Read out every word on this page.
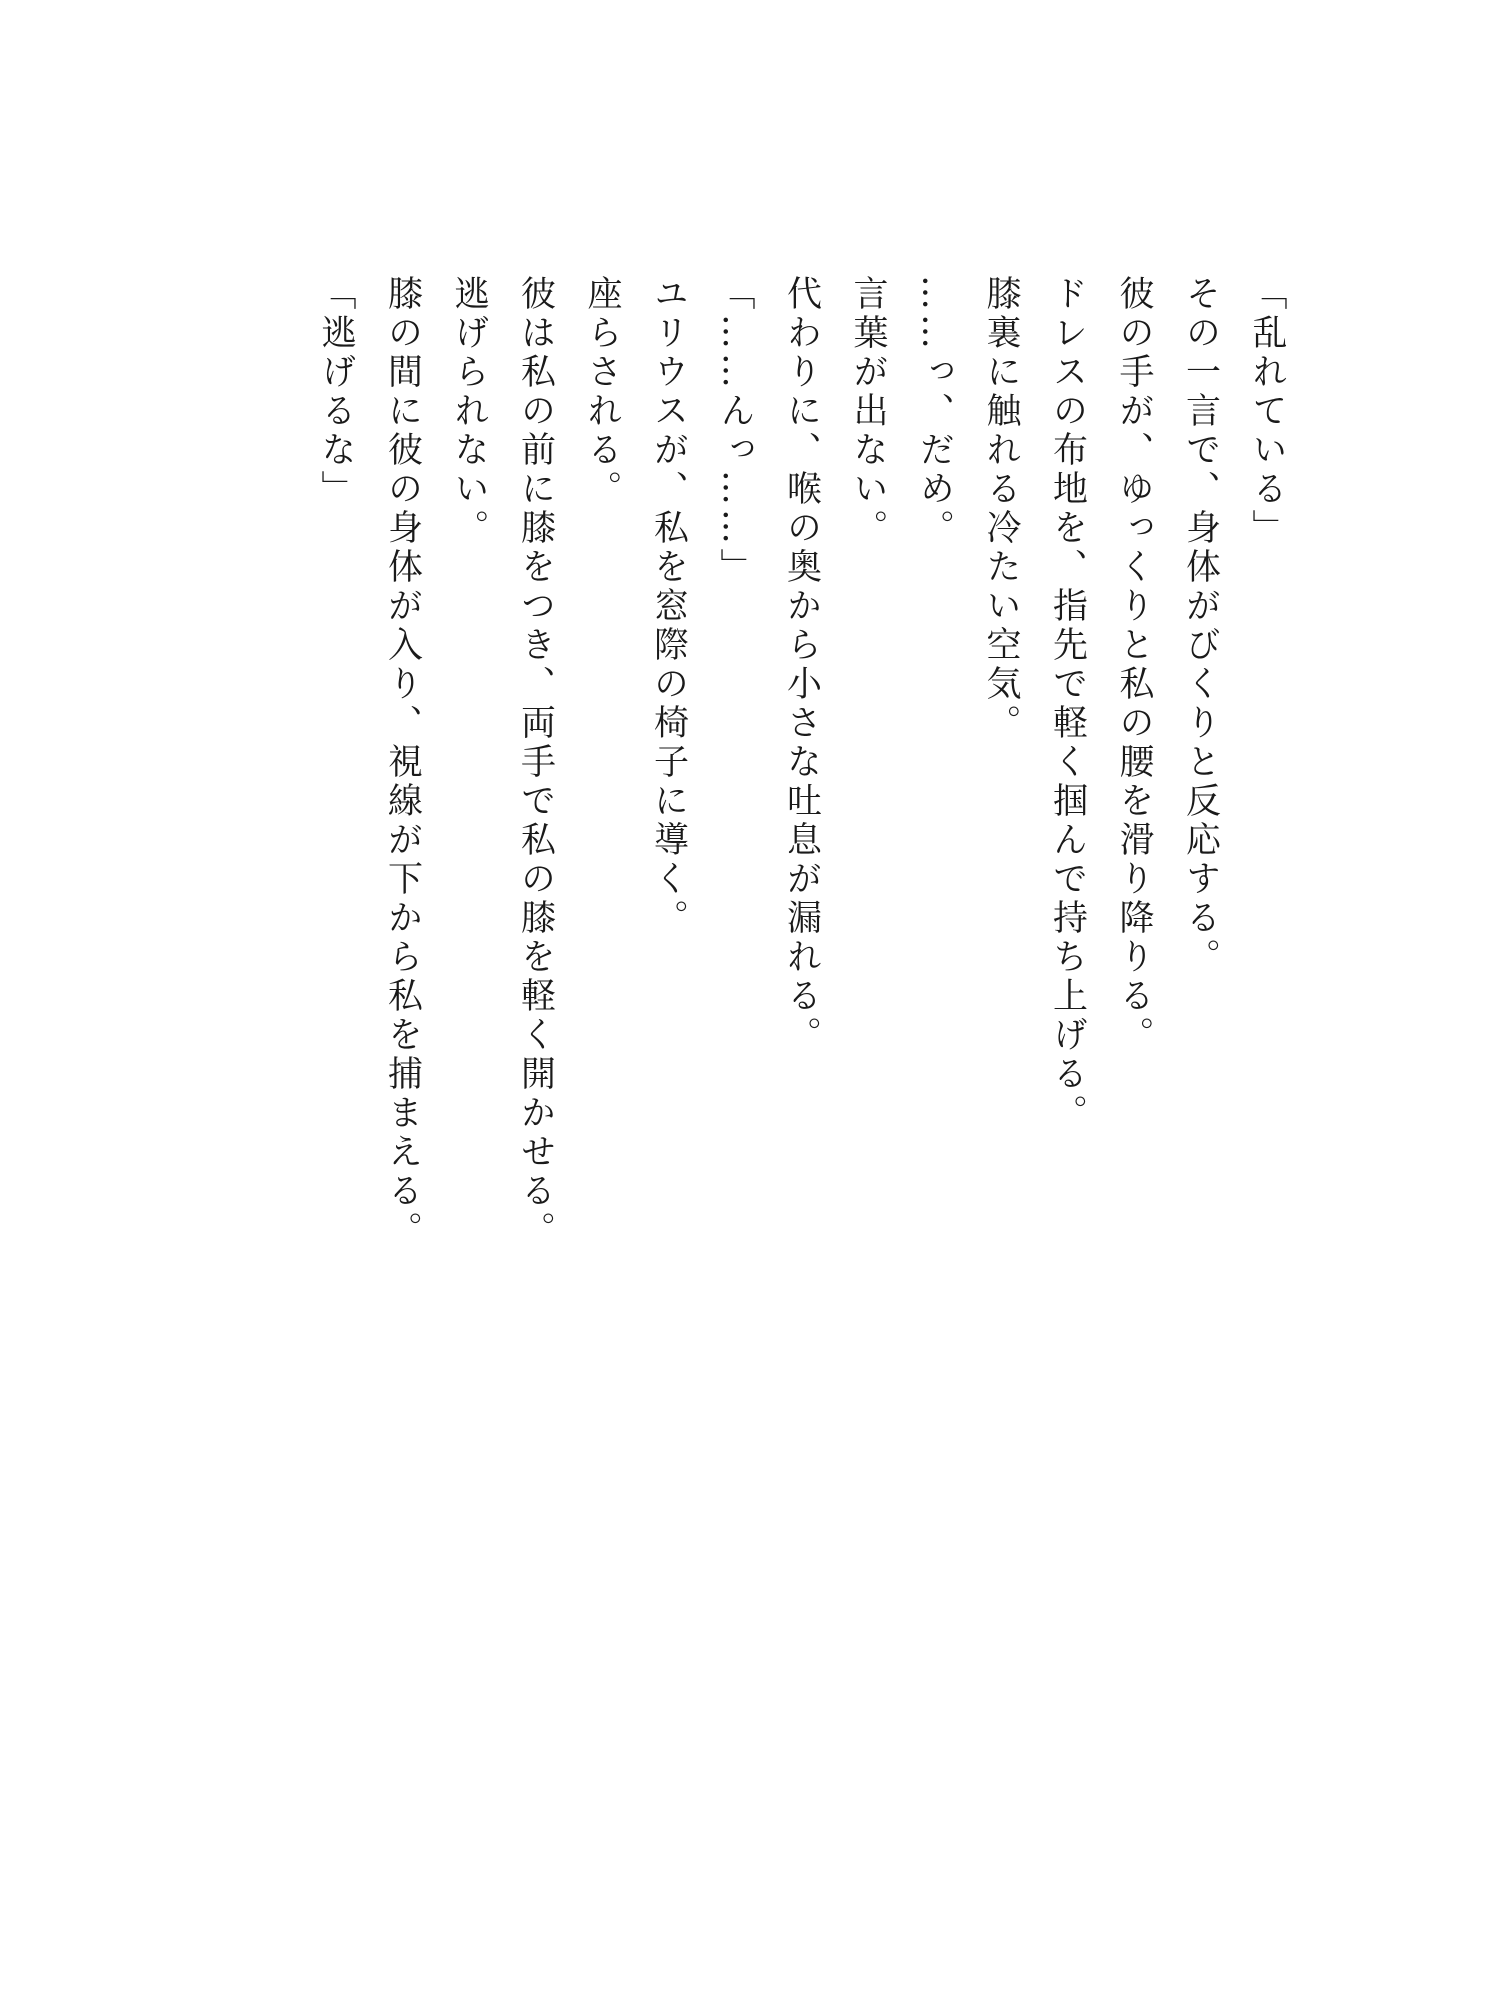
「乱れている」
その一言で、身体がびくりと反応する。
彼の手が、ゆっくりと私の腰を滑り降りる。
ドレスの布地を、指先で軽く掴んで持ち上げる。
膝裏に触れる冷たい空気。
……っ、だめ。
言葉が出ない。
代わりに、喉の奥から小さな吐息が漏れる。
「……んっ……」
ユリウスが、私を窓際の椅子に導く。
座らされる。
彼は私の前に膝をつき、両手で私の膝を軽く開かせる。
逃げられない。
膝の間に彼の身体が入り、視線が下から私を捕まえる。
「逃げるな」
